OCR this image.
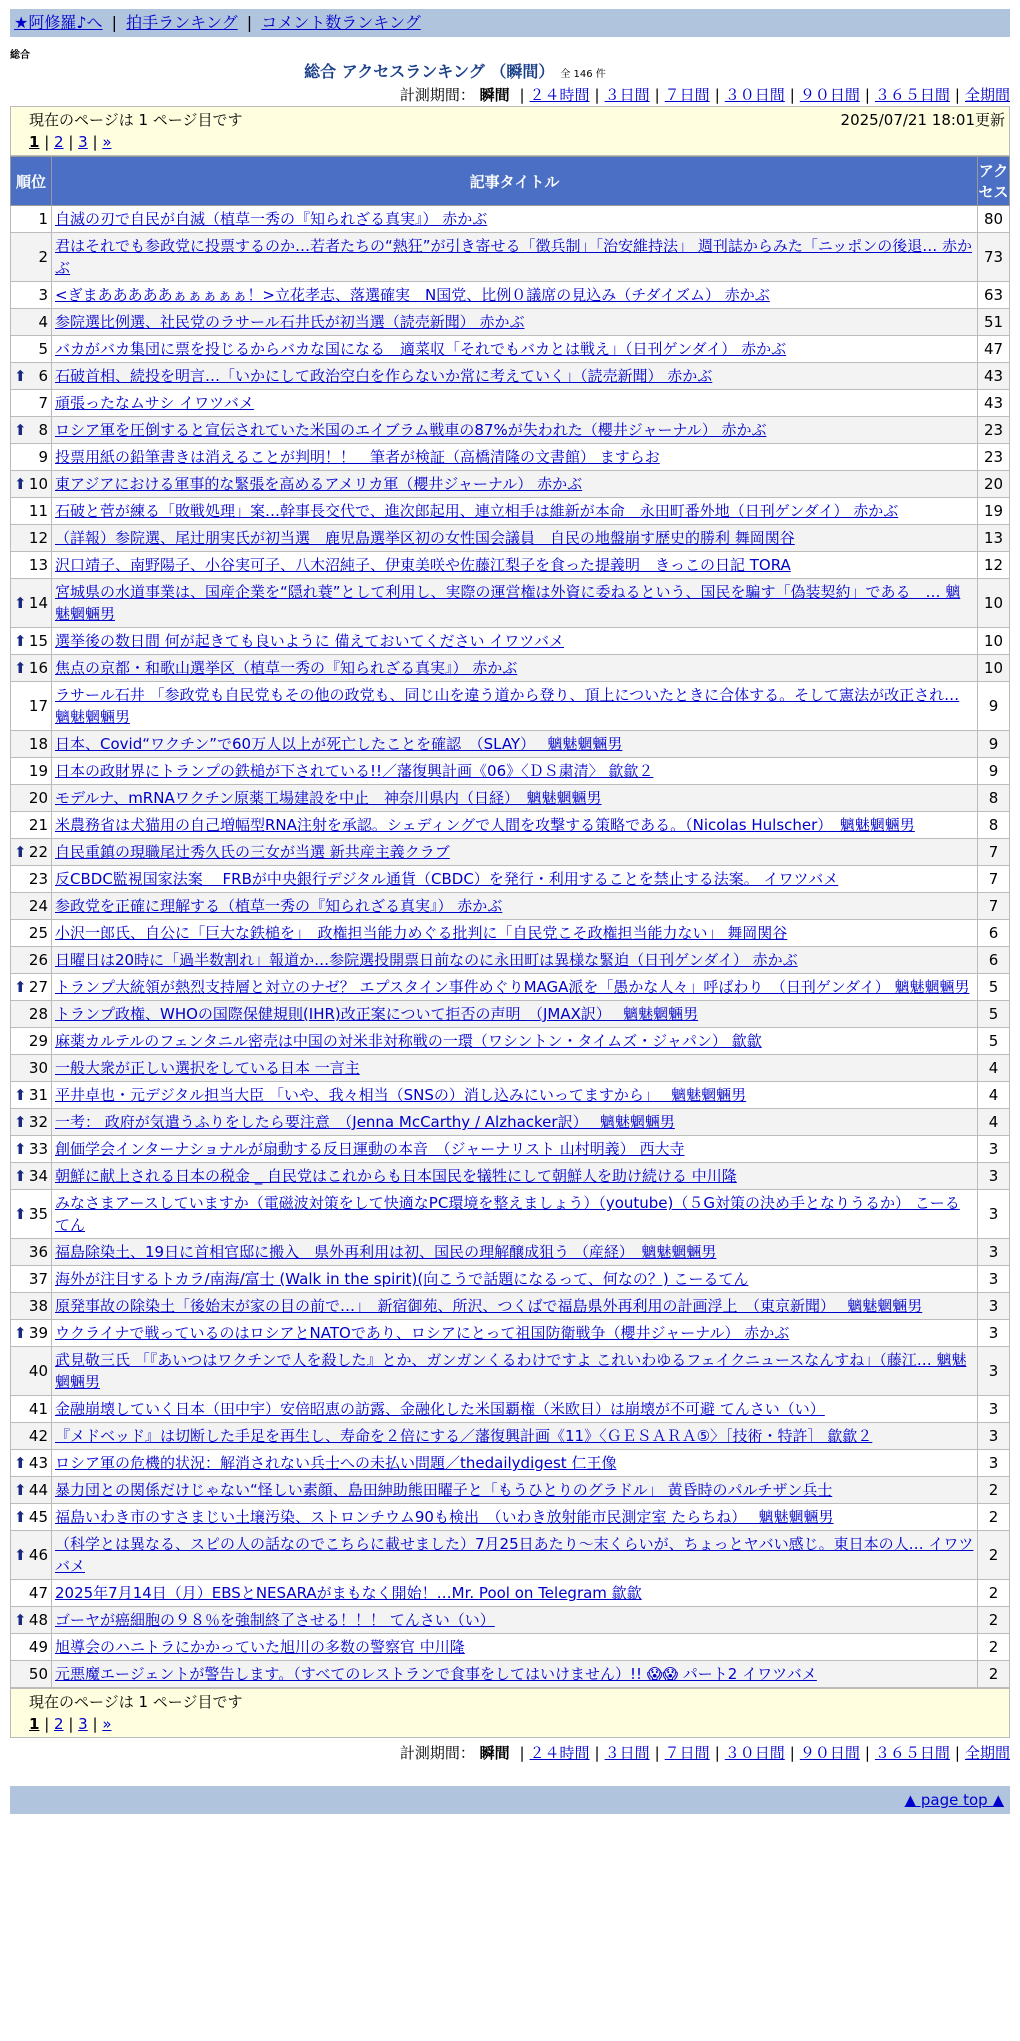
★阿修羅♪へ | 拍手ランキング | コメント数ランキング
総合
総合 アクセスランキング （瞬間） 全 146 件
計測期間： 瞬間 | ２４時間 | ３日間 | ７日間 | ３０日間 | ９０日間 | ３６５日間 | 全期間
現在のページは 1 ページ目です	2025/07/21 18:01更新
1 | 2 | 3 | »
順位	記事タイトル	アクセス
1	自滅の刃で自民が自滅（植草一秀の『知られざる真実』） 赤かぶ	80
2	君はそれでも参政党に投票するのか…若者たちの“熱狂”が引き寄せる「徴兵制」「治安維持法」 週刊誌からみた「ニッポンの後退… 赤かぶ	73
3	<ぎまあああああぁぁぁぁぁ！>立花孝志、落選確実　N国党、比例０議席の見込み（チダイズム） 赤かぶ	63
4	参院選比例選、社民党のラサール石井氏が初当選（読売新聞） 赤かぶ	51
5	バカがバカ集団に票を投じるからバカな国になる　適菜収「それでもバカとは戦え」（日刊ゲンダイ） 赤かぶ	47

⬆ 6	石破首相、続投を明言…「いかにして政治空白を作らないか常に考えていく」（読売新聞） 赤かぶ	43
7	頑張ったなムサシ イワツバメ	43

⬆ 8	ロシア軍を圧倒すると宣伝されていた米国のエイブラム戦車の87%が失われた（櫻井ジャーナル） 赤かぶ	23
9	投票用紙の鉛筆書きは消えることが判明！！　筆者が検証（高橋清隆の文書館） ますらお	23

⬆ 10	東アジアにおける軍事的な緊張を高めるアメリカ軍（櫻井ジャーナル） 赤かぶ	20
11	石破と菅が練る「敗戦処理」案…幹事長交代で、進次郎起用、連立相手は維新が本命　永田町番外地（日刊ゲンダイ） 赤かぶ	19
12	（詳報）参院選、尾辻朋実氏が初当選　鹿児島選挙区初の女性国会議員　自民の地盤崩す歴史的勝利 舞岡関谷	13
13	沢口靖子、南野陽子、小谷実可子、八木沼純子、伊東美咲や佐藤江梨子を食った提義明　きっこの日記 TORA	12

⬆ 14	宮城県の水道事業は、国産企業を“隠れ蓑”として利用し、実際の運営権は外資に委ねるという、国民を騙す「偽装契約」である　… 魑魅魍魎男	10

⬆ 15	選挙後の数日間 何が起きても良いように 備えておいてください イワツバメ	10

⬆ 16	焦点の京都・和歌山選挙区（植草一秀の『知られざる真実』） 赤かぶ	10
17	ラサール石井 「参政党も自民党もその他の政党も、同じ山を違う道から登り、頂上についたときに合体する。そして憲法が改正され… 魑魅魍魎男	9
18	日本、Covid“ワクチン”で60万人以上が死亡したことを確認　（SLAY）　 魑魅魍魎男	9
19	日本の政財界にトランプの鉄槌が下されている!!／藩復興計画《06》〈ＤＳ粛清〉 歙歙２	9
20	モデルナ、mRNAワクチン原薬工場建設を中止　神奈川県内（日経）　魑魅魍魎男	8
21	米農務省は犬猫用の自己増幅型RNA注射を承認。シェディングで人間を攻撃する策略である。（Nicolas Hulscher）　魑魅魍魎男	8

⬆ 22	自民重鎮の現職尾辻秀久氏の三女が当選 新共産主義クラブ	7
23	反CBDC監視国家法案　 FRBが中央銀行デジタル通貨（CBDC）を発行・利用することを禁止する法案。 イワツバメ	7
24	参政党を正確に理解する（植草一秀の『知られざる真実』） 赤かぶ	7
25	小沢一郎氏、自公に「巨大な鉄槌を」　政権担当能力めぐる批判に「自民党こそ政権担当能力ない」 舞岡関谷	6
26	日曜日は20時に「過半数割れ」報道か…参院選投開票日前なのに永田町は異様な緊迫（日刊ゲンダイ） 赤かぶ	6

⬆ 27	トランプ大統領が熱烈支持層と対立のナゼ？ エプスタイン事件めぐりMAGA派を「愚かな人々」呼ばわり　（日刊ゲンダイ） 魑魅魍魎男	5
28	トランプ政権、WHOの国際保健規則(IHR)改正案について拒否の声明　（JMAX訳）　 魑魅魍魎男	5
29	麻薬カルテルのフェンタニル密売は中国の対米非対称戦の一環（ワシントン・タイムズ・ジャパン） 歙歙	5
30	一般大衆が正しい選択をしている日本 一言主	4

⬆ 31	平井卓也・元デジタル担当大臣 「いや、我々相当（SNSの）消し込みにいってますから」　 魑魅魍魎男	4

⬆ 32	一考： 政府が気遣うふりをしたら要注意　（Jenna McCarthy / Alzhacker訳）　 魑魅魍魎男	4

⬆ 33	創価学会インターナショナルが扇動する反日運動の本音　（ジャーナリスト 山村明義） 西大寺	3

⬆ 34	朝鮮に献上される日本の税金 _ 自民党はこれからも日本国民を犠牲にして朝鮮人を助け続ける 中川隆	3

⬆ 35	みなさまアースしていますか（電磁波対策をして快適なPC環境を整えましょう）（youtube)（５G対策の決め手となりうるか） こーるてん	3
36	福島除染土、19日に首相官邸に搬入　県外再利用は初、国民の理解醸成狙う （産経）　魑魅魍魎男	3
37	海外が注目するトカラ/南海/富士 (Walk in the spirit)(向こうで話題になるって、何なの？) こーるてん	3
38	原発事故の除染土「後始末が家の目の前で…」　新宿御苑、所沢、つくばで福島県外再利用の計画浮上　（東京新聞）　 魑魅魍魎男	3

⬆ 39	ウクライナで戦っているのはロシアとNATOであり、ロシアにとって祖国防衛戦争（櫻井ジャーナル） 赤かぶ	3
40	武見敬三氏 「『あいつはワクチンで人を殺した』とか、ガンガンくるわけですよ これいわゆるフェイクニュースなんすね」（藤江… 魑魅魍魎男	3
41	金融崩壊していく日本（田中宇）安倍昭恵の訪露、金融化した米国覇権（米欧日）は崩壊が不可避 てんさい（い）	3
42	『メドベッド』は切断した手足を再生し、寿命を２倍にする／藩復興計画《11》〈ＧＥＳＡＲＡ⑤〉［技術・特許］ 歙歙２	3

⬆ 43	ロシア軍の危機的状況：解消されない兵士への未払い問題／thedailydigest 仁王像	3

⬆ 44	暴力団との関係だけじゃない“怪しい素顔、島田紳助熊田曜子と「もうひとりのグラドル」 黄昏時のパルチザン兵士	2

⬆ 45	福島いわき市のすさまじい土壌汚染、ストロンチウム90も検出　（いわき放射能市民測定室 たらちね）　 魑魅魍魎男	2

⬆ 46	（科学とは異なる、スピの人の話なのでこちらに載せました）7月25日あたり〜末くらいが、ちょっとヤバい感じ。東日本の人… イワツバメ	2
47	2025年7月14日（月）EBSとNESARAがまもなく開始！…Mr. Pool on Telegram 歙歙	2

⬆ 48	ゴーヤが癌細胞の９８％を強制終了させる！！！ てんさい（い）	2
49	旭導会のハニトラにかかっていた旭川の多数の警察官 中川隆	2
50	元悪魔エージェントが警告します。（すべてのレストランで食事をしてはいけません）!! 😱😱 パート2 イワツバメ	2
現在のページは 1 ページ目です
1 | 2 | 3 | »
計測期間： 瞬間 | ２４時間 | ３日間 | ７日間 | ３０日間 | ９０日間 | ３６５日間 | 全期間
▲ page top ▲
